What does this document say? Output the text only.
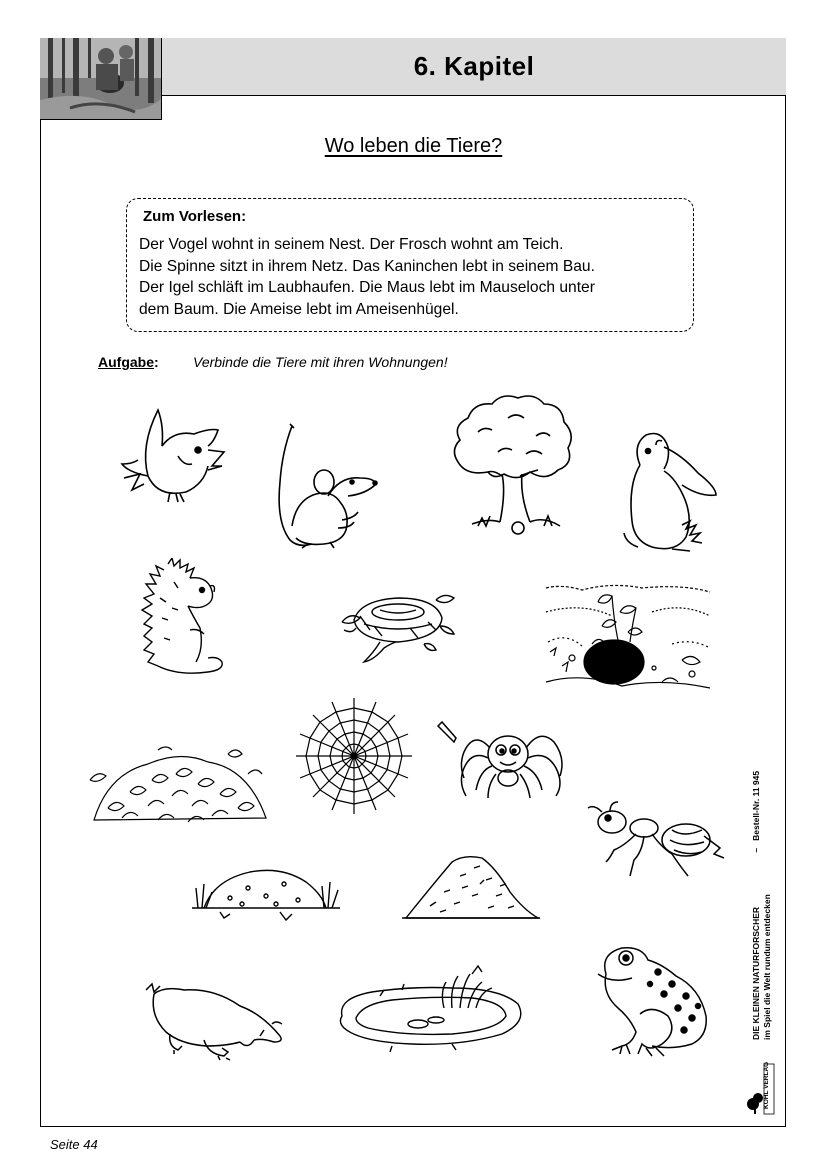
6. Kapitel
Wo leben die Tiere?
Zum Vorlesen:
Der Vogel wohnt in seinem Nest. Der Frosch wohnt am Teich.
Die Spinne sitzt in ihrem Netz. Das Kaninchen lebt in seinem Bau.
Der Igel schläft im Laubhaufen. Die Maus lebt im Mauseloch unter
dem Baum. Die Ameise lebt im Ameisenhügel.
Aufgabe: Verbinde die Tiere mit ihren Wohnungen!
DIE KLEINEN NATURFORSCHER                       –   Bestell-Nr. 11 945
im Spiel die Welt rundum entdecken
KOHL VERLAG
Seite 44
